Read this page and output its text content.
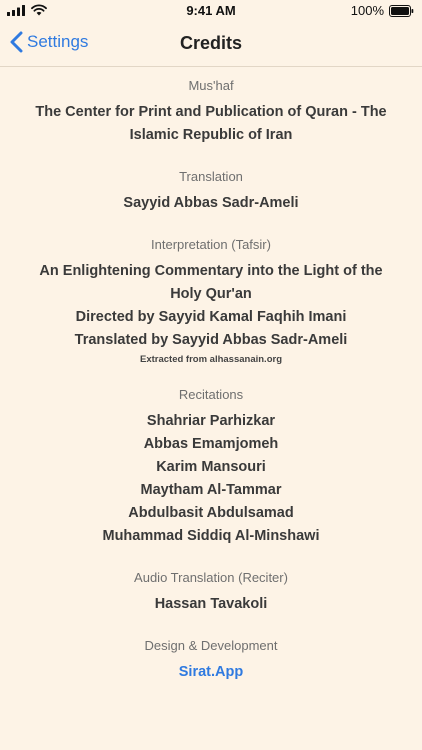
9:41 AM	100%
Settings	Credits
Mus'haf
The Center for Print and Publication of Quran - The Islamic Republic of Iran
Translation
Sayyid Abbas Sadr-Ameli
Interpretation (Tafsir)
An Enlightening Commentary into the Light of the Holy Qur'an
Directed by Sayyid Kamal Faqhih Imani
Translated by Sayyid Abbas Sadr-Ameli
Extracted from alhassanain.org
Recitations
Shahriar Parhizkar
Abbas Emamjomeh
Karim Mansouri
Maytham Al-Tammar
Abdulbasit Abdulsamad
Muhammad Siddiq Al-Minshawi
Audio Translation (Reciter)
Hassan Tavakoli
Design & Development
Sirat.App
